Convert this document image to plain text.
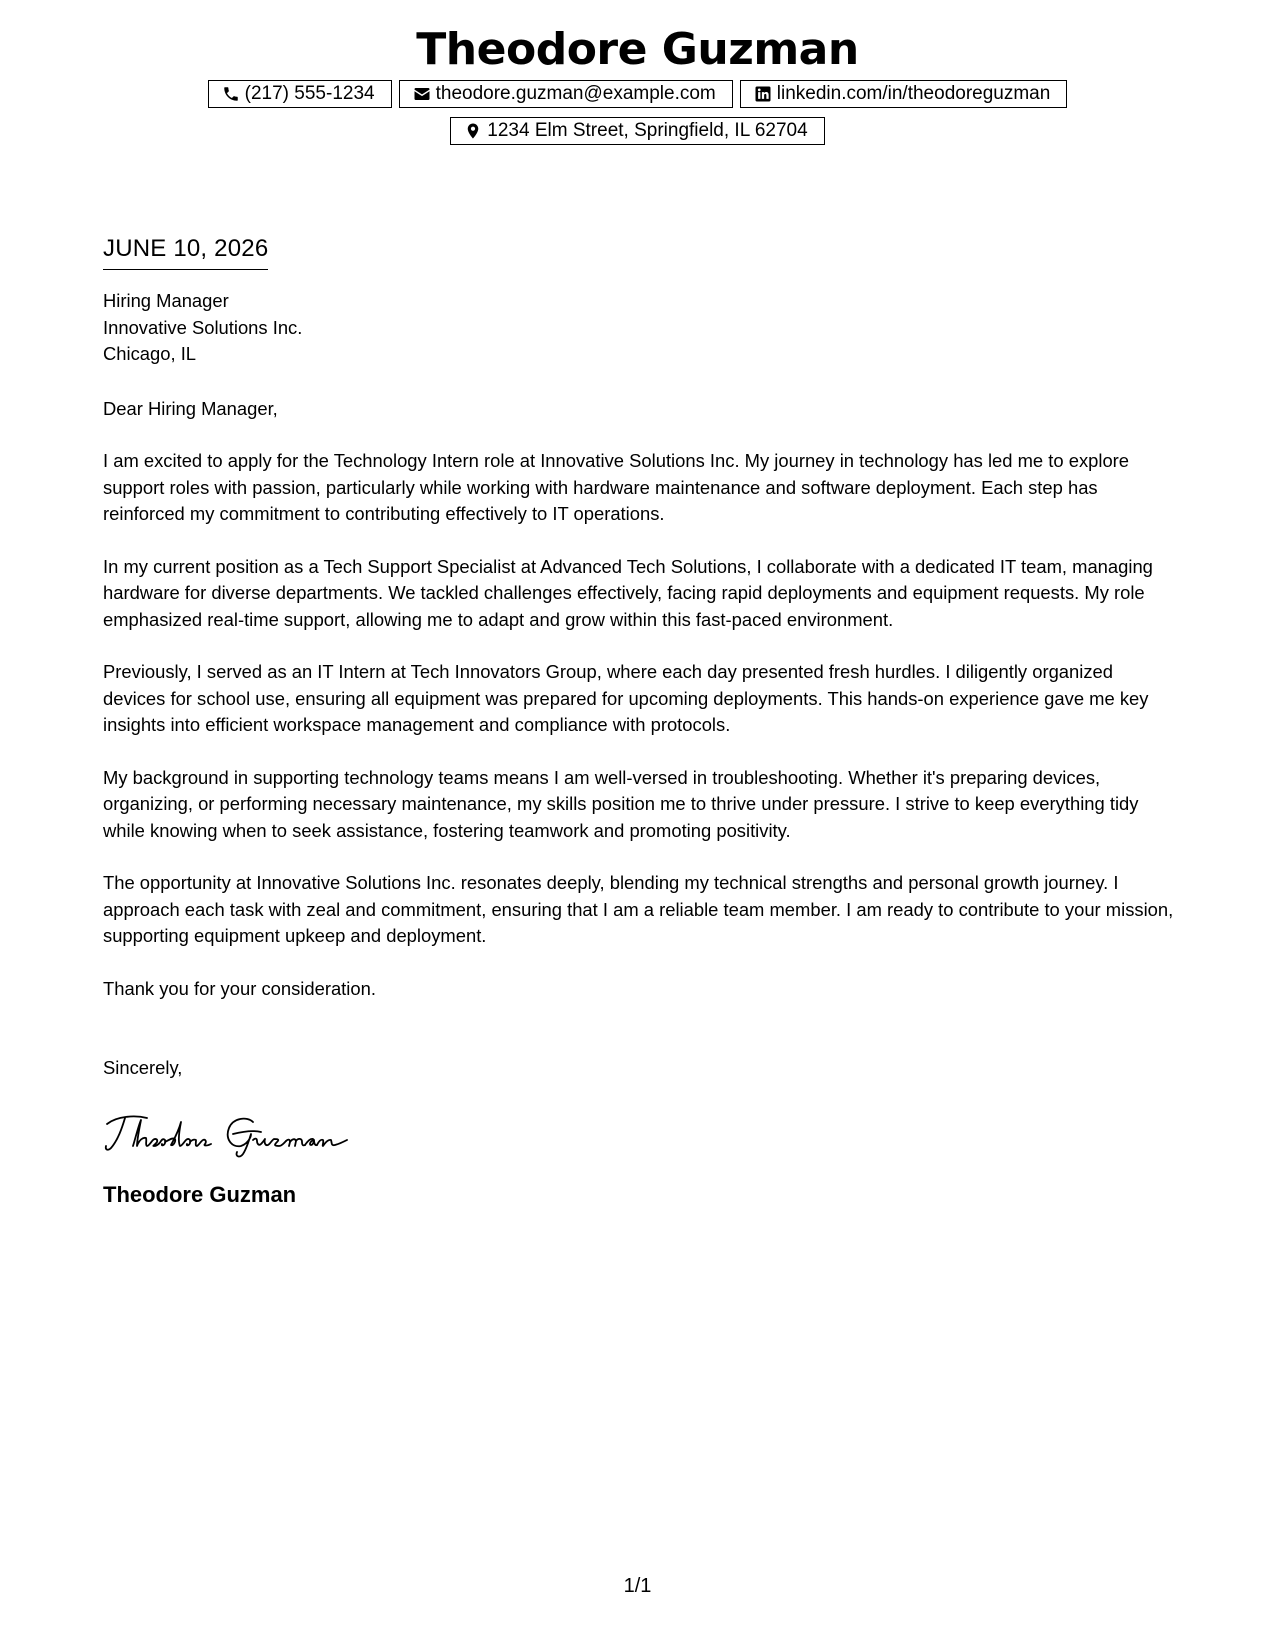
Theodore Guzman
(217) 555-1234	theodore.guzman@example.com	linkedin.com/in/theodoreguzman
1234 Elm Street, Springfield, IL 62704
JUNE 10, 2026
Hiring Manager
Innovative Solutions Inc.
Chicago, IL
Dear Hiring Manager,
I am excited to apply for the Technology Intern role at Innovative Solutions Inc. My journey in technology has led me to explore support roles with passion, particularly while working with hardware maintenance and software deployment. Each step has reinforced my commitment to contributing effectively to IT operations.
In my current position as a Tech Support Specialist at Advanced Tech Solutions, I collaborate with a dedicated IT team, managing hardware for diverse departments. We tackled challenges effectively, facing rapid deployments and equipment requests. My role emphasized real-time support, allowing me to adapt and grow within this fast-paced environment.
Previously, I served as an IT Intern at Tech Innovators Group, where each day presented fresh hurdles. I diligently organized devices for school use, ensuring all equipment was prepared for upcoming deployments. This hands-on experience gave me key insights into efficient workspace management and compliance with protocols.
My background in supporting technology teams means I am well-versed in troubleshooting. Whether it's preparing devices, organizing, or performing necessary maintenance, my skills position me to thrive under pressure. I strive to keep everything tidy while knowing when to seek assistance, fostering teamwork and promoting positivity.
The opportunity at Innovative Solutions Inc. resonates deeply, blending my technical strengths and personal growth journey. I approach each task with zeal and commitment, ensuring that I am a reliable team member. I am ready to contribute to your mission, supporting equipment upkeep and deployment.
Thank you for your consideration.
Sincerely,
Theodore Guzman
1/1
